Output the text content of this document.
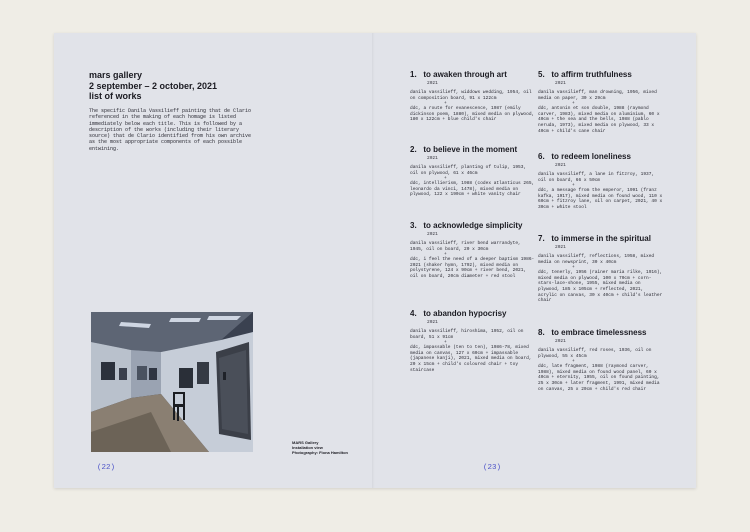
mars gallery
2 september – 2 october, 2021
list of works
The specific Danila Vassilieff painting that de Clario referenced in the making of each homage is listed immediately below each title. This is followed by a description of the works (including their literary source) that de Clario identified from his own archive as the most appropriate components of each possible entwining.
MARS Gallery
Installation view
Photography: Fiona Hamilton
(22)
1. to awaken through art
2021
danila vassilieff, widdows wedding, 1954, oil on composition board, 91 x 122cm
+
ddc, a route for evanescence, 1987 (emily dickinson poem, 1880), mixed media on plywood, 180 x 122cm + blue child's chair
2. to believe in the moment
2021
danila vassilieff, planting of tulip, 1953, oil on plywood, 61 x 46cm
+
ddc, intellierism, 1988 (codex atlanticus 265, leonardo da vinci, 1478), mixed media on plywood, 122 x 190cm + white vanity chair
3. to acknowledge simplicity
2021
danila vassilieff, river bend warrandyte, 1945, oil on board, 20 x 30cm
+
ddc, i feel the need of a deeper baptism 1986-2021 (shaker hymn, 1792), mixed media on polystyrene, 124 x 90cm + river bend, 2021, oil on board, 20cm diameter + red stool
4. to abandon hypocrisy
2021
danila vassilieff, hiroshima, 1952, oil on board, 51 x 91cm
+
ddc, impassable (ten to ten), 1986-78, mixed media on canvas, 127 x 60cm + impassable (japanese kanji), 2021, mixed media on board, 20 x 15cm + child's coloured chair + toy staircase
5. to affirm truthfulness
2021
danila vassilieff, man drowning, 1956, mixed media on paper, 30 x 29cm
+
ddc, antonin et son double, 1988 (raymond carver, 1983), mixed media on aluminium, 60 x 40cm + the sea and the bells, 1988 (pablo neruda, 1973), mixed media on plywood, 33 x 40cm + child's cane chair
6. to redeem loneliness
2021
danila vassilieff, a lane in fitzroy, 1937, oil on board, 66 x 50cm
+
ddc, a message from the emperor, 1991 (franz kafka, 1917), mixed media on found wood, 110 x 60cm + fitzroy lane, oil on carpet, 2021, 40 x 30cm + white stool
7. to immerse in the spiritual
2021
danila vassilieff, reflections, 1958, mixed media on newsprint, 30 x 40cm
+
ddc, tenerly, 1956 (rainer maria rilke, 1916), mixed media on plywood, 100 x 70cm + corn-stars-lace-shone, 1955, mixed media on plywood, 185 x 105cm + reflected, 2021, acrylic on canvas, 30 x 40cm + child's leather chair
8. to embrace timelessness
2021
danila vassilieff, red roses, 1936, oil on plywood, 55 x 45cm
+
ddc, late fragment, 1988 (raymond carver, 1988), mixed media on found wood panel, 60 x 40cm + eternity, 1955, oil on found painting, 25 x 30cm + later fragment, 1991, mixed media on canvas, 25 x 20cm + child's red chair
(23)
